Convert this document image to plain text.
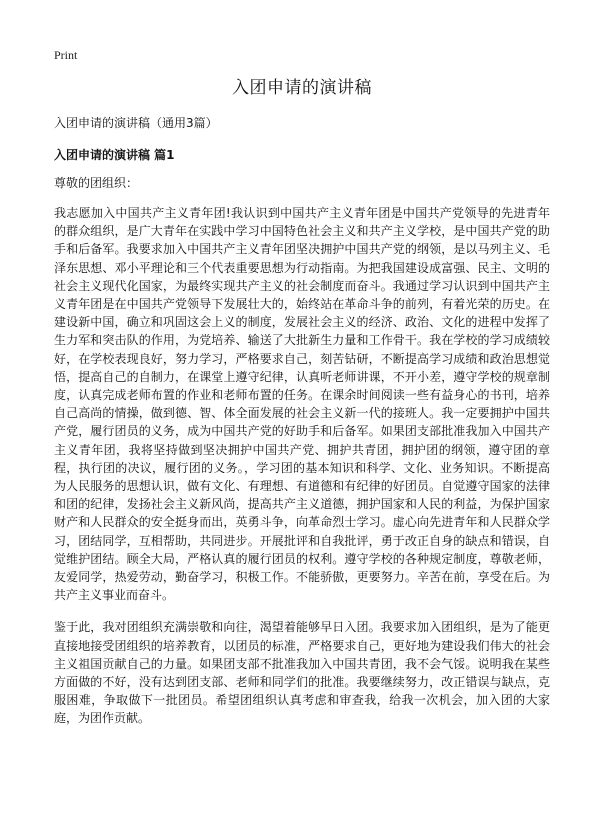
Print
入团申请的演讲稿
入团申请的演讲稿（通用3篇）
入团申请的演讲稿 篇1
尊敬的团组织：

我志愿加入中国共产主义青年团!我认识到中国共产主义青年团是中国共产党领导的先进青年的群众组织，是广大青年在实践中学习中国特色社会主义和共产主义学校，是中国共产党的助手和后备军。我要求加入中国共产主义青年团坚决拥护中国共产党的纲领，是以马列主义、毛泽东思想、邓小平理论和三个代表重要思想为行动指南。为把我国建设成富强、民主、文明的社会主义现代化国家，为最终实现共产主义的社会制度而奋斗。我通过学习认识到中国共产主义青年团是在中国共产党领导下发展壮大的，始终站在革命斗争的前列，有着光荣的历史。在建设新中国，确立和巩固这会上义的制度，发展社会主义的经济、政治、文化的进程中发挥了生力军和突击队的作用，为党培养、输送了大批新生力量和工作骨干。我在学校的学习成绩较好，在学校表现良好，努力学习，严格要求自己，刻苦钻研，不断提高学习成绩和政治思想觉悟，提高自己的自制力，在课堂上遵守纪律，认真听老师讲课，不开小差，遵守学校的规章制度，认真完成老师布置的作业和老师布置的任务。在课余时间阅读一些有益身心的书刊，培养自己高尚的情操，做到德、智、体全面发展的社会主义新一代的接班人。我一定要拥护中国共产党，履行团员的义务，成为中国共产党的好助手和后备军。如果团支部批准我加入中国共产主义青年团，我将坚持做到坚决拥护中国共产党、拥护共青团，拥护团的纲领，遵守团的章程，执行团的决议，履行团的义务。，学习团的基本知识和科学、文化、业务知识。不断提高为人民服务的思想认识，做有文化、有理想、有道德和有纪律的好团员。自觉遵守国家的法律和团的纪律，发扬社会主义新风尚，提高共产主义道德，拥护国家和人民的利益，为保护国家财产和人民群众的安全挺身而出，英勇斗争，向革命烈士学习。虚心向先进青年和人民群众学习，团结同学，互相帮助，共同进步。开展批评和自我批评，勇于改正自身的缺点和错误，自觉维护团结。顾全大局，严格认真的履行团员的权利。遵守学校的各种规定制度，尊敬老师，友爱同学，热爱劳动，勤奋学习，积极工作。不能骄傲，更要努力。辛苦在前，享受在后。为共产主义事业而奋斗。

鉴于此，我对团组织充满崇敬和向往，渴望着能够早日入团。我要求加入团组织，是为了能更直接地接受团组织的培养教育，以团员的标准，严格要求自己，更好地为建设我们伟大的社会主义祖国贡献自己的力量。如果团支部不批准我加入中国共青团，我不会气馁。说明我在某些方面做的不好，没有达到团支部、老师和同学们的批准。我要继续努力，改正错误与缺点，克服困难，争取做下一批团员。希望团组织认真考虑和审查我，给我一次机会，加入团的大家庭，为团作贡献。
